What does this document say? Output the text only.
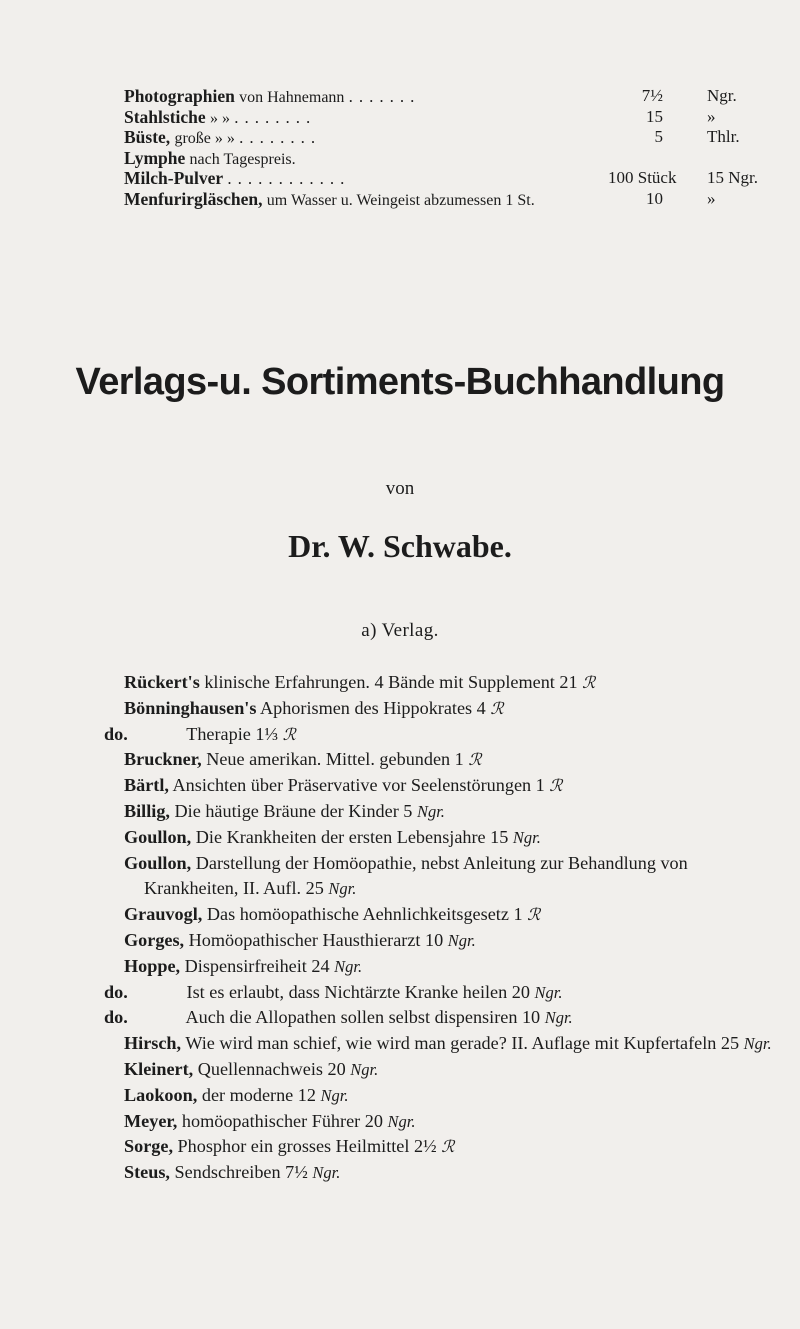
Photographien von Hahnemann .......	7½	Ngr.
Stahlstiche » » ........	15	»
Büste, große » » ........	5	Thlr.
Lymphe nach Tagespreis.
Milch-Pulver ............	100 Stück 15 Ngr.
Menfurirgläschen, um Wasser u. Weingeist abzumessen 1 St.	10	»
Verlags-u. Sortiments-Buchhandlung
von
Dr. W. Schwabe.
a) Verlag.
Rückert's klinische Erfahrungen. 4 Bände mit Supplement 21 ℛ
Bönninghausen's Aphorismen des Hippokrates 4 ℛ
do.	Therapie 1⅓ ℛ
Bruckner, Neue amerikan. Mittel. gebunden 1 ℛ
Bärtl, Ansichten über Präservative vor Seelenstörungen 1 ℛ
Billig, Die häutige Bräune der Kinder 5 Ngr.
Goullon, Die Krankheiten der ersten Lebensjahre 15 Ngr.
Goullon, Darstellung der Homöopathie, nebst Anleitung zur Behandlung von Krankheiten, II. Aufl. 25 Ngr.
Grauvogl, Das homöopathische Aehnlichkeitsgesetz 1 ℛ
Gorges, Homöopathischer Hausthierarzt 10 Ngr.
Hoppe, Dispensirfreiheit 24 Ngr.
do.	Ist es erlaubt, dass Nichtärzte Kranke heilen 20 Ngr.
do.	Auch die Allopathen sollen selbst dispensiren 10 Ngr.
Hirsch, Wie wird man schief, wie wird man gerade? II. Auflage mit Kupfertafeln 25 Ngr.
Kleinert, Quellennachweis 20 Ngr.
Laokoon, der moderne 12 Ngr.
Meyer, homöopathischer Führer 20 Ngr.
Sorge, Phosphor ein grosses Heilmittel 2½ ℛ
Steus, Sendschreiben 7½ Ngr.
